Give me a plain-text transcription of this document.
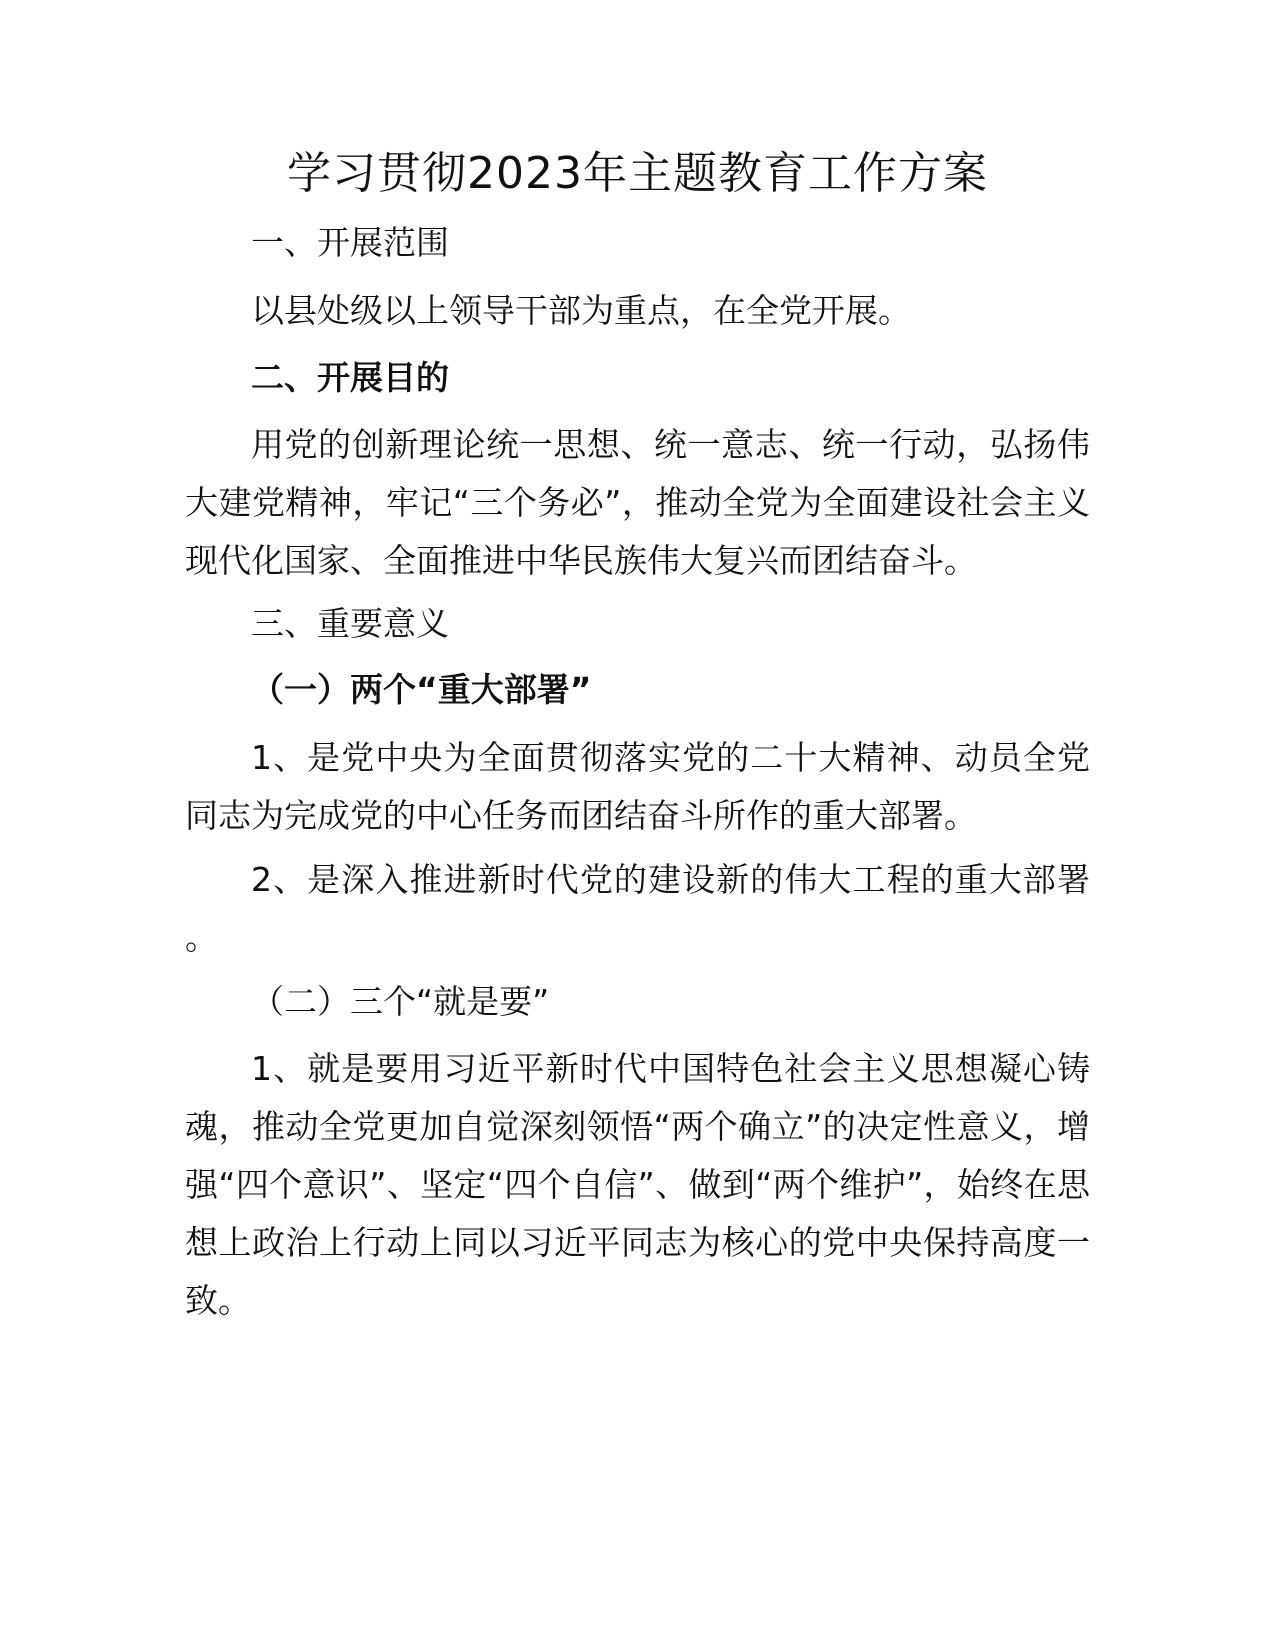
学习贯彻2023年主题教育工作方案
一、开展范围
以县处级以上领导干部为重点，在全党开展。
二、开展目的
用党的创新理论统一思想、统一意志、统一行动，弘扬伟大建党精神，牢记“三个务必”，推动全党为全面建设社会主义现代化国家、全面推进中华民族伟大复兴而团结奋斗。
三、重要意义
（一）两个“重大部署”
1、是党中央为全面贯彻落实党的二十大精神、动员全党同志为完成党的中心任务而团结奋斗所作的重大部署。
2、是深入推进新时代党的建设新的伟大工程的重大部署。
（二）三个“就是要”
1、就是要用习近平新时代中国特色社会主义思想凝心铸魂，推动全党更加自觉深刻领悟“两个确立”的决定性意义，增强“四个意识”、坚定“四个自信”、做到“两个维护”，始终在思想上政治上行动上同以习近平同志为核心的党中央保持高度一致。
